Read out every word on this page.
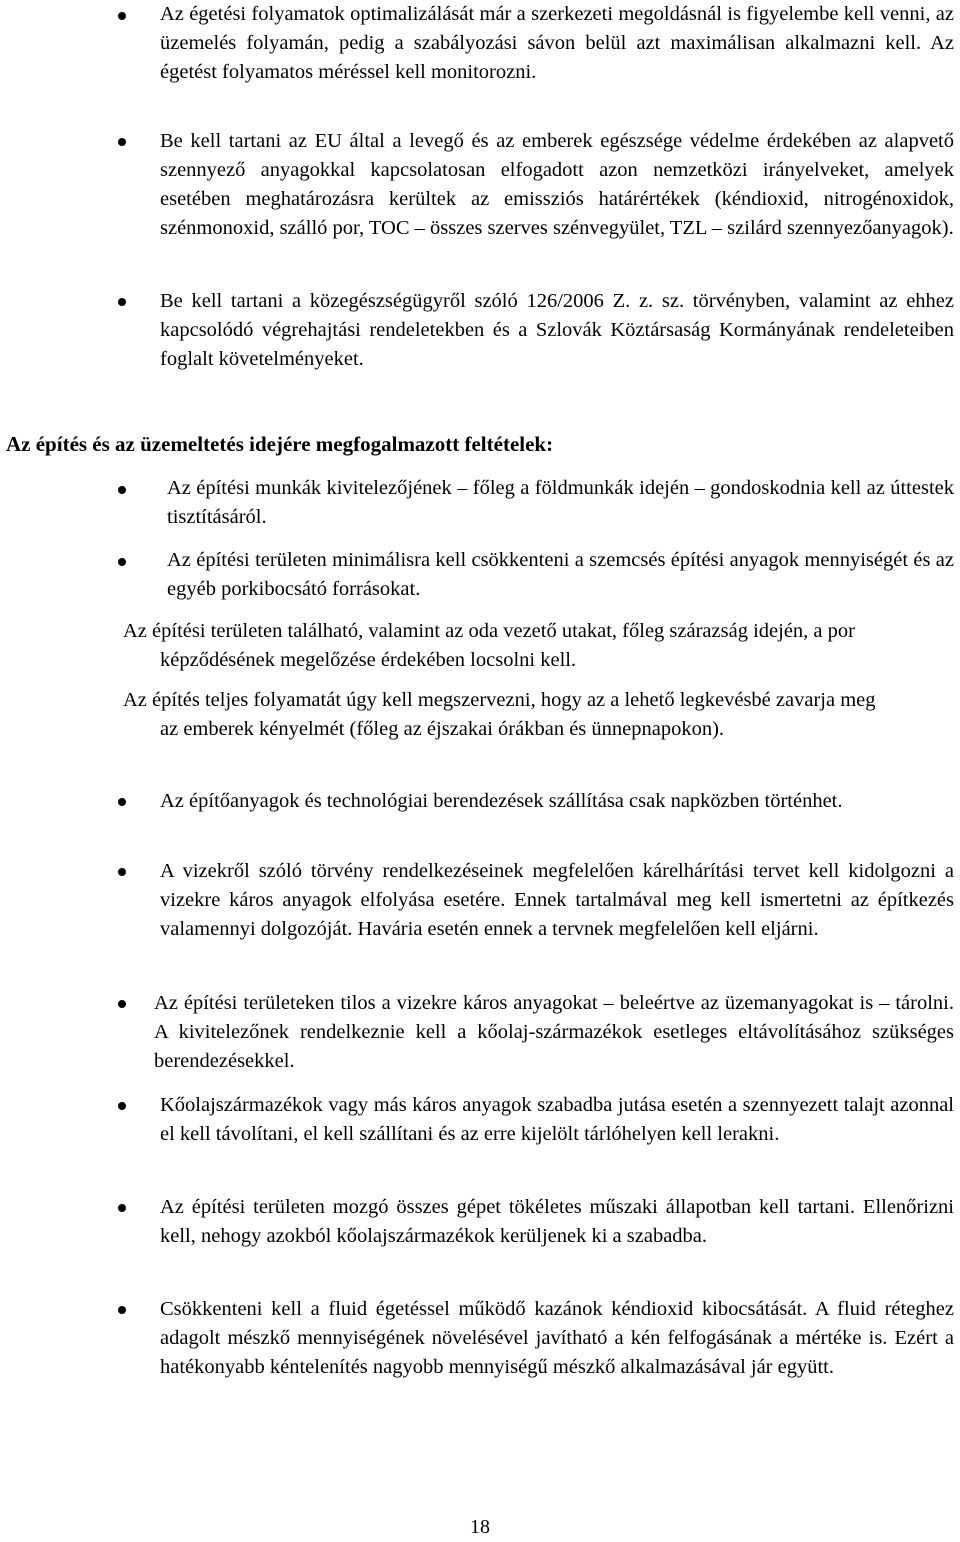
Az égetési folyamatok optimalizálását már a szerkezeti megoldásnál is figyelembe kell venni, az üzemelés folyamán, pedig a szabályozási sávon belül azt maximálisan alkalmazni kell. Az égetést folyamatos méréssel kell monitorozni.
Be kell tartani az EU által a levegő és az emberek egészsége védelme érdekében az alapvető szennyező anyagokkal kapcsolatosan elfogadott azon nemzetközi irányelveket, amelyek esetében meghatározásra kerültek az emissziós határértékek (kéndioxid, nitrogénoxidok, szénmonoxid, szálló por, TOC – összes szerves szénvegyület, TZL – szilárd szennyezőanyagok).
Be kell tartani a közegészségügyről szóló 126/2006 Z. z. sz. törvényben, valamint az ehhez kapcsolódó végrehajtási rendeletekben és a Szlovák Köztársaság Kormányának rendeleteiben foglalt követelményeket.
Az építés és az üzemeltetés idejére megfogalmazott feltételek:
Az építési munkák kivitelezőjének – főleg a földmunkák idején – gondoskodnia kell az úttestek tisztításáról.
Az építési területen minimálisra kell csökkenteni a szemcsés építési anyagok mennyiségét és az egyéb porkibocsátó forrásokat.
Az építési területen található, valamint az oda vezető utakat, főleg szárazság idején, a por képződésének megelőzése érdekében locsolni kell.
Az építés teljes folyamatát úgy kell megszervezni, hogy az a lehető legkevésbé zavarja meg az emberek kényelmét (főleg az éjszakai órákban és ünnepnapokon).
Az építőanyagok és technológiai berendezések szállítása csak napközben történhet.
A vizekről szóló törvény rendelkezéseinek megfelelően kárelhárítási tervet kell kidolgozni a vizekre káros anyagok elfolyása esetére. Ennek tartalmával meg kell ismertetni az építkezés valamennyi dolgozóját. Havária esetén ennek a tervnek megfelelően kell eljárni.
Az építési területeken tilos a vizekre káros anyagokat – beleértve az üzemanyagokat is – tárolni. A kivitelezőnek rendelkeznie kell a kőolaj-származékok esetleges eltávolításához szükséges berendezésekkel.
Kőolajszármazékok vagy más káros anyagok szabadba jutása esetén a szennyezett talajt azonnal el kell távolítani, el kell szállítani és az erre kijelölt tárlóhelyen kell lerakni.
Az építési területen mozgó összes gépet tökéletes műszaki állapotban kell tartani. Ellenőrizni kell, nehogy azokból kőolajszármazékok kerüljenek ki a szabadba.
Csökkenteni kell a fluid égetéssel működő kazánok kéndioxid kibocsátását. A fluid réteghez adagolt mészkő mennyiségének növelésével javítható a kén felfogásának a mértéke is. Ezért a hatékonyabb kéntelenítés nagyobb mennyiségű mészkő alkalmazásával jár együtt.
18
